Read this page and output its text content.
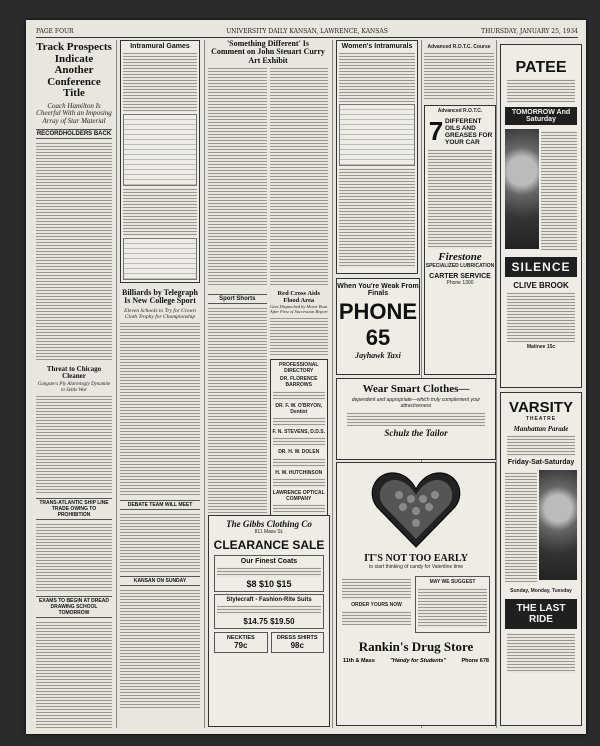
PAGE FOUR	UNIVERSITY DAILY KANSAN, LAWRENCE, KANSAS	THURSDAY, JANUARY 25, 1934
Track Prospects Indicate Another Conference Title
Coach Hamilton Is Cheerful With an Imposing Array of Star Material
RECORDHOLDERS BACK
Threat to Chicago Cleaner
Gangsters Ply Alarmingly Dynamite to Settle War
TRANS-ATLANTIC SHIP LINE TRADE OWING TO PROHIBITION
EXAMS TO BEGIN AT DREAD DRAWING SCHOOL TOMORROW
Intramural Games
Billiards by Telegraph Is New College Sport
Eleven Schools to Try for Crown Cloth Trophy for Championship
DEBATE TEAM WILL MEET
KANSAN ON SUNDAY
'Something Different' Is Comment on John Steuart Curry Art Exhibit
Sport Shorts
Red Cross Aids Flood Area
Gets Dispatched by Motor Boat After First of Succession Report
PROFESSIONAL DIRECTORY
DR. FLORENCE BARROWS
DR. F. W. O'BRYON, Dentist
F. N. STEVENS, D.D.S.
DR. H. W. DOLEN
H. W. HUTCHINSON
LAWRENCE OPTICAL COMPANY
The Gibbs Clothing Co
811 Mass St.
CLEARANCE SALE
Our Finest Coats
$8 $10 $15
Stylecraft - Fashion-Rite Suits
$14.75 $19.50
NECKTIES
79c
DRESS SHIRTS
98c
Women's Intramurals
When You're Weak From Finals
PHONE 65
Jayhawk Taxi
Advanced R.O.T.C.
7 DIFFERENT OILS AND GREASES FOR YOUR CAR
Firestone
SPECIALIZED LUBRICATION
CARTER SERVICE
Phone 1300
Advanced R.O.T.C. Course
Wear Smart Clothes—
dependent and appropriate—which truly complement your attractiveness
Schulz the Tailor
IT'S NOT TOO EARLY
to start thinking of candy for Valentine time
ORDER YOURS NOW
MAY WE SUGGEST
Rankin's Drug Store
11th & Mass	"Handy for Students"	Phone 678
PATEE
TOMORROW And Saturday
SILENCE
CLIVE BROOK
Matinee 15c
VARSITY
THEATRE
Manhattan Parade
Friday-Sat-Saturday
Sunday, Monday, Tuesday
THE LAST RIDE
